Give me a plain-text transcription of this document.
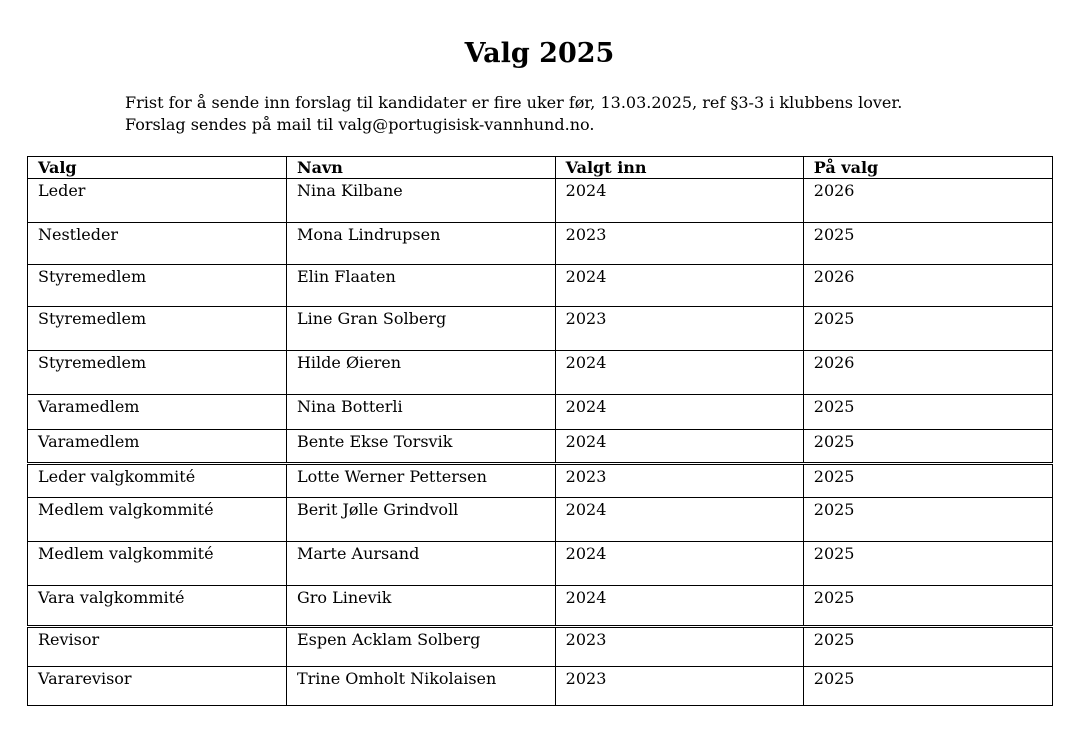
Valg 2025
Frist for å sende inn forslag til kandidater er fire uker før, 13.03.2025, ref §3-3 i klubbens lover.
Forslag sendes på mail til valg@portugisisk-vannhund.no.
Valg	Navn	Valgt inn	På valg
Leder	Nina Kilbane	2024	2026
Nestleder	Mona Lindrupsen	2023	2025
Styremedlem	Elin Flaaten	2024	2026
Styremedlem	Line Gran Solberg	2023	2025
Styremedlem	Hilde Øieren	2024	2026
Varamedlem	Nina Botterli	2024	2025
Varamedlem	Bente Ekse Torsvik	2024	2025
Leder valgkommité	Lotte Werner Pettersen	2023	2025
Medlem valgkommité	Berit Jølle Grindvoll	2024	2025
Medlem valgkommité	Marte Aursand	2024	2025
Vara valgkommité	Gro Linevik	2024	2025
Revisor	Espen Acklam Solberg	2023	2025
Vararevisor	Trine Omholt Nikolaisen	2023	2025
